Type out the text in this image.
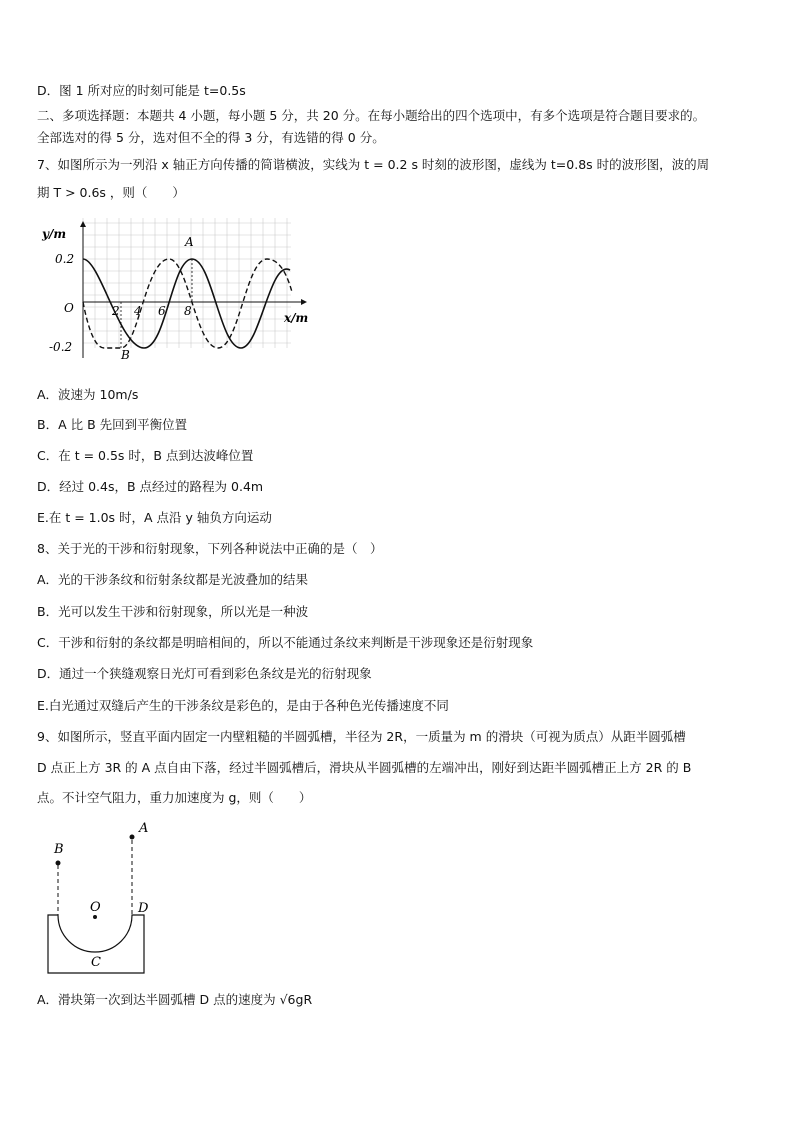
D．图 1 所对应的时刻可能是 t=0.5s
二、多项选择题：本题共 4 小题，每小题 5 分，共 20 分。在每小题给出的四个选项中，有多个选项是符合题目要求的。
全部选对的得 5 分，选对但不全的得 3 分，有选错的得 0 分。
7、如图所示为一列沿 x 轴正方向传播的简谐横波，实线为 t = 0.2 s 时刻的波形图，虚线为 t=0.8s 时的波形图，波的周
期 T > 0.6s ，则（　　）
y/m
x/m
O
0.2
-0.2
2 4 6 8
A
B
A．波速为 10m/s
B．A 比 B 先回到平衡位置
C．在 t = 0.5s 时，B 点到达波峰位置
D．经过 0.4s，B 点经过的路程为 0.4m
E.在 t = 1.0s 时，A 点沿 y 轴负方向运动
8、关于光的干涉和衍射现象，下列各种说法中正确的是（　）
A．光的干涉条纹和衍射条纹都是光波叠加的结果
B．光可以发生干涉和衍射现象，所以光是一种波
C．干涉和衍射的条纹都是明暗相间的，所以不能通过条纹来判断是干涉现象还是衍射现象
D．通过一个狭缝观察日光灯可看到彩色条纹是光的衍射现象
E.白光通过双缝后产生的干涉条纹是彩色的，是由于各种色光传播速度不同
9、如图所示，竖直平面内固定一内壁粗糙的半圆弧槽，半径为 2R，一质量为 m 的滑块（可视为质点）从距半圆弧槽
D 点正上方 3R 的 A 点自由下落，经过半圆弧槽后，滑块从半圆弧槽的左端冲出，刚好到达距半圆弧槽正上方 2R 的 B
点。不计空气阻力，重力加速度为 g，则（　　）
B
A
O	D
C
A．滑块第一次到达半圆弧槽 D 点的速度为 √6gR
